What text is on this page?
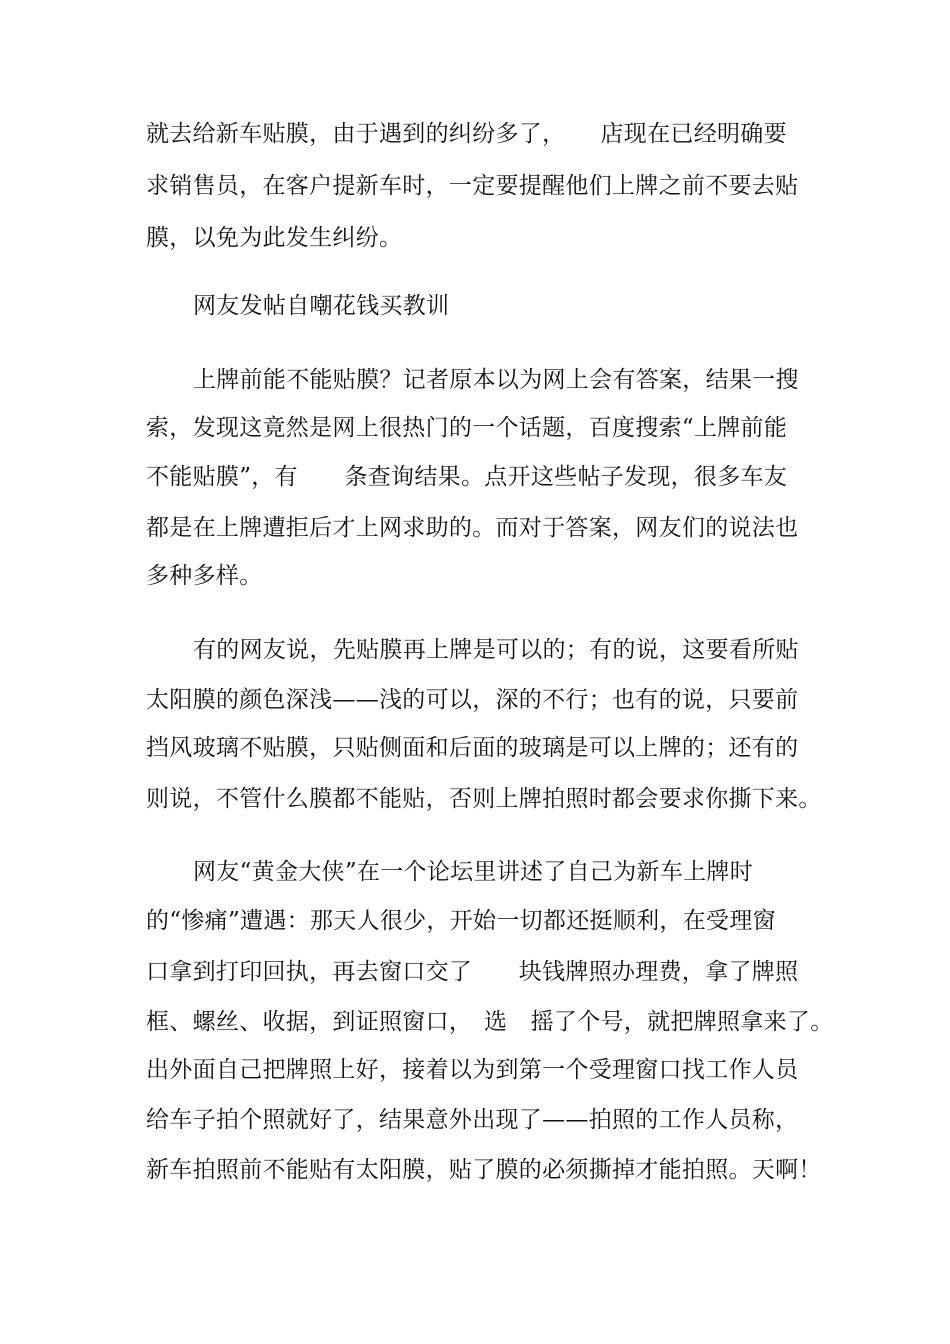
就去给新车贴膜，由于遇到的纠纷多了，　　店现在已经明确要
求销售员，在客户提新车时，一定要提醒他们上牌之前不要去贴
膜，以免为此发生纠纷。
网友发帖自嘲花钱买教训
上牌前能不能贴膜？记者原本以为网上会有答案，结果一搜
索，发现这竟然是网上很热门的一个话题，百度搜索“上牌前能
不能贴膜”，有　　条查询结果。点开这些帖子发现，很多车友
都是在上牌遭拒后才上网求助的。而对于答案，网友们的说法也
多种多样。
有的网友说，先贴膜再上牌是可以的；有的说，这要看所贴
太阳膜的颜色深浅——浅的可以，深的不行；也有的说，只要前
挡风玻璃不贴膜，只贴侧面和后面的玻璃是可以上牌的；还有的
则说，不管什么膜都不能贴，否则上牌拍照时都会要求你撕下来。
网友“黄金大侠”在一个论坛里讲述了自己为新车上牌时
的“惨痛”遭遇：那天人很少，开始一切都还挺顺利，在受理窗
口拿到打印回执，再去窗口交了　　块钱牌照办理费，拿了牌照
框、螺丝、收据，到证照窗口，　选　摇了个号，就把牌照拿来了。
出外面自己把牌照上好，接着以为到第一个受理窗口找工作人员
给车子拍个照就好了，结果意外出现了——拍照的工作人员称，
新车拍照前不能贴有太阳膜，贴了膜的必须撕掉才能拍照。天啊！
